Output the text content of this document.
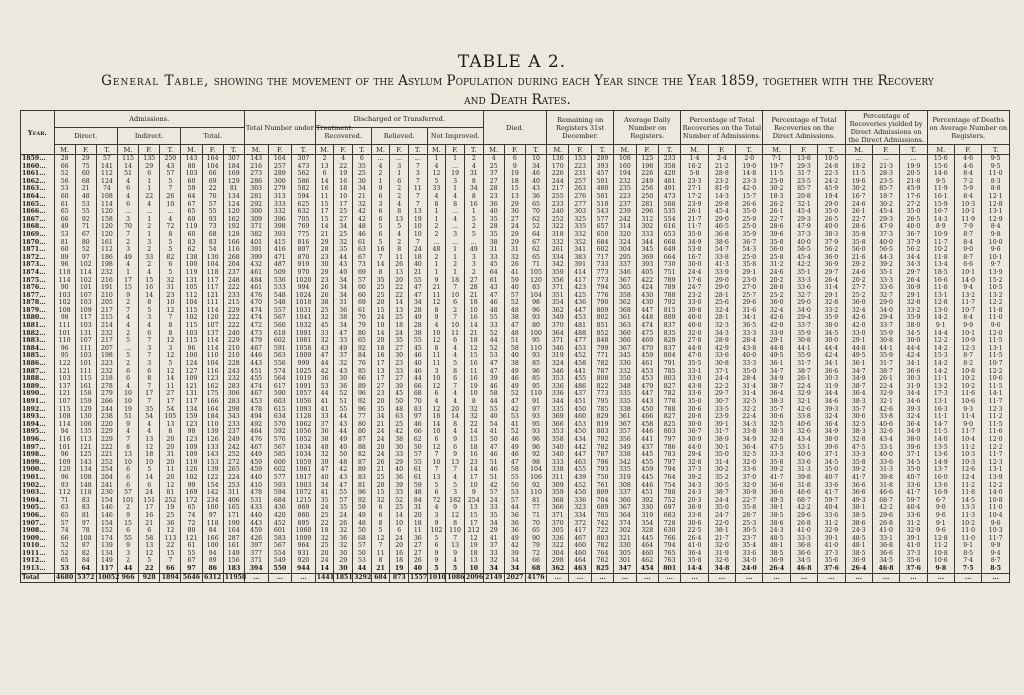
TABLE A 2.
General Table, showing the movement of the Asylum Population during each Year since the Year 1859, together with the Recovery and Death Rates.
Year.	Admissions.									Total Number under Treatment.			Discharged or Transferred.									Died.			Remaining on Registers 31st December.			Average Daily Number on Registers.			Percentage of Total Recoveries on the Total Number of Admissions.			Percentage of Total Recoveries on the Direct Admissions.			Percentage of Recoveries yielded by Direct Admissions on the Direct Admissions.			Percentage of Deaths on Average Number on Registers.		
	Direct.			Indirect.			Total.						Recovered.			Relieved.			Not Improved.																							
	M.	F.	T.	M.	F.	T.	M.	F.	T.	M.	F.	T.	M.	F.	T.	M.	F.	T.	M.	F.	T.	M.	F.	T.	M.	F.	T.	M.	F.	T.	M.	F.	T.	M.	F.	T.	M.	F.	T.	M.	F.	T.
1859...	28	29	57	115	135	250	143	164	307	143	164	307	2	4	6	...	...	...	1	1	2	4	6	10	136	153	289	108	125	233	1·4	2·4	2·0	7·1	13·8	10·5	...	...	...	15·6	4·6	9·5
1860...	66	75	141	14	29	43	80	104	184	216	257	473	13	22	35	4	3	7	4	...	4	25	9	34	170	223	393	160	198	358	16·2	21·2	19·0	19·7	29·3	24·8	18·2	21·3	19·9	15·6	4·6	9·5
1861...	52	60	112	51	6	57	103	66	169	273	289	562	6	19	25	2	1	3	12	19	31	37	19	46	226	231	457	194	226	420	5·8	28·8	14·8	11·5	31·7	22·3	11·5	28·3	20·5	14·6	8·4	11·0
1862...	56	68	124	4	1	5	60	69	129	286	300	586	14	16	30	1	6	7	5	3	8	27	18	40	244	257	501	232	249	481	23·3	23·2	23·3	25·0	23·5	24·2	19·6	23·5	21·8	9·5	7·2	8·3
1863...	53	21	74	6	1	7	59	22	81	303	279	582	16	18	34	9	2	11	33	1	34	28	15	43	217	263	480	235	256	491	27·1	81·9	42·0	30·2	85·7	45·9	30·2	85·7	45·9	11·9	5·9	8·8
1864...	60	48	108	4	22	26	64	70	134	281	313	594	11	10	21	6	2	7	4	4	8	23	13	36	255	276	501	223	250	473	17·2	14·3	15·7	18·3	20·8	19·4	16·7	18·7	17·6	16·1	8·4	12·1
1865...	61	53	114	6	4	10	67	57	124	292	333	625	15	17	32	3	4	7	8	8	16	36	29	65	233	277	510	237	281	508	23·9	29·8	26·6	26·2	32·1	29·0	24·6	30·2	27·2	15·9	10·3	12·8
1866...	65	55	120	...	...	...	65	55	120	300	332	632	17	25	42	6	8	13	1	...	1	40	30	70	240	303	543	239	296	535	26·1	45·4	35·0	26·1	45·4	35·0	26·1	45·4	35·0	16·7	10·1	13·1
1867...	66	92	158	3	1	4	69	93	162	309	396	705	15	27	42	6	13	19	1	4	5	35	27	62	252	325	577	242	312	554	21·7	29·0	25·9	22·7	29·3	26·5	22·7	29·3	26·5	14·3	11·9	12·9
1868...	49	71	120	70	2	72	119	73	192	371	398	769	14	34	48	5	5	10	2	...	2	28	24	52	322	335	657	314	302	616	11·7	46·5	25·0	28·6	47·9	40·0	28·6	47·9	40·0	8·9	7·9	8·4
1869...	53	67	120	7	1	8	60	68	128	382	393	775	21	25	46	6	4	10	2	3	5	35	29	64	318	332	650	320	333	653	35·0	36·8	35·9	39·6	37·3	38·3	35·8	37·3	36·7	10·9	8·7	9·8
1870...	81	80	161	2	3	5	83	83	166	401	415	816	29	32	61	5	2	7	...	...	...	38	29	67	332	352	684	324	344	668	34·9	38·6	36·7	35·8	40·0	37·9	35·8	40·0	37·9	11·7	8·4	10·0
1871...	60	52	112	3	2	5	62	54	116	391	416	807	28	35	63	16	8	24	48	1	49	31	31	62	261	341	602	304	345	649	53·8	54·7	54·3	56·0	56·5	56·2	56·0	56·5	56·2	10·2	9·0	9·6
1872...	89	97	186	49	33	82	138	130	268	399	471	870	23	44	67	7	11	18	2	1	3	33	32	65	334	383	717	295	369	664	16·7	33·8	25·0	25·8	45·4	36·0	21·6	44·3	34·4	11·8	8·7	10·1
1873...	96	102	198	4	2	6	100	104	204	432	487	919	30	43	73	14	26	40	1	2	3	45	26	71	342	391	733	337	393	730	30·0	41·3	35·8	31·2	42·2	36·9	29·2	39·2	34·3	13·4	6·6	9·7
1874...	118	114	232	1	4	5	119	118	237	461	509	970	29	40	69	8	13	21	1	1	2	64	41	105	359	414	773	346	405	751	24·4	33·9	29·1	24·6	35·1	29·7	24·6	35·1	29·7	18·5	10·1	13·9
1875...	114	102	216	17	15	32	131	117	248	484	536	1020	23	34	57	35	20	55	9	18	27	61	59	120	356	417	773	367	422	789	17·6	29·0	23·0	20·2	33·3	26·4	20·2	33·3	26·4	16·6	14·0	15·2
1876...	90	101	191	15	16	31	105	117	222	461	533	994	26	34	60	25	22	47	21	7	28	43	40	83	371	423	794	365	424	789	24·7	29·0	27·0	28·8	33·6	31·4	27·7	33·6	30·9	11·8	9·4	10·5
1877...	103	107	210	9	14	23	112	121	233	476	548	1024	26	34	60	25	22	47	11	10	21	47	57	104	351	425	776	358	430	788	23·2	28·1	25·7	25·2	32·7	29·1	25·2	32·7	29·1	13·1	13·2	13·2
1878...	102	103	205	2	8	10	104	111	215	470	548	1018	38	31	69	20	14	34	12	6	18	46	52	98	354	436	790	362	430	792	33·0	25·6	29·6	36·0	29·0	32·8	36·0	29·0	32·8	12·8	11·7	12·2
1879...	108	109	217	7	5	12	115	114	229	474	557	1031	25	36	61	15	13	28	8	2	10	48	48	96	362	447	809	368	447	815	30·8	32·4	31·6	32·4	34·0	33·2	32·4	34·0	33·2	13·0	10·7	11·8
1880...	98	117	215	4	3	7	102	120	222	474	567	1041	32	38	70	24	25	49	9	7	16	55	38	93	349	453	802	361	448	809	40·0	28·1	34·1	42·6	29·4	35·9	42·6	29·4	35·9	14·2	8·4	11·0
1881...	111	103	214	4	4	8	115	107	222	472	560	1032	45	34	79	10	18	28	4	10	14	33	47	80	370	481	851	363	474	837	40·0	32·3	36·5	42·0	33·7	38·0	42·0	33·7	38·0	9·1	9·9	9·6
1882...	101	131	232	2	6	8	103	137	240	473	618	1091	33	47	80	14	24	38	10	11	21	52	48	100	364	488	852	360	475	835	32·0	34·3	33·3	33·0	35·9	34·5	33·0	35·9	34·5	14·4	10·1	12·0
1883...	110	107	217	5	7	12	115	114	229	479	602	1081	32	33	65	20	35	55	12	6	18	44	51	95	371	477	848	360	469	829	27·8	28·9	28·4	29·1	30·8	30·0	29·1	30·8	30·0	12·2	10·9	11·5
1884...	96	111	207	...	3	3	96	114	210	467	591	1058	43	49	92	18	27	45	8	4	12	52	58	110	346	453	799	367	470	837	44·8	42·9	43·8	44·8	44·1	44·4	44·8	44·1	44·4	14·2	12·3	13·1
1885...	95	103	198	5	7	12	100	110	210	446	563	1009	47	37	84	16	30	46	11	4	15	53	40	93	319	452	771	345	459	804	47·0	33·6	40·0	49·5	35·9	42·4	49·5	35·9	42·4	15·3	8·7	11·5
1886...	122	101	223	2	3	5	124	104	228	443	556	999	44	32	76	17	23	40	11	5	16	47	38	85	324	458	782	330	461	791	35·5	30·8	33·3	36·1	31·7	34·1	36·1	31·7	34·1	14·2	8·2	10·7
1887...	121	111	232	6	6	12	127	116	243	451	574	1025	42	43	85	13	33	46	3	8	11	47	49	96	346	441	787	332	453	785	33·1	37·1	35·0	34·7	38·7	36·6	34·7	38·7	36·6	14·2	10·8	12·2
1888...	103	115	218	6	8	14	109	123	232	455	564	1019	36	30	66	17	27	44	10	6	16	39	46	85	353	455	808	350	453	803	33·0	24·4	28·4	34·9	26·1	30·3	34·9	26·1	30·3	11·1	10·2	10·6
1889...	137	161	278	4	7	11	121	162	283	474	617	1091	53	36	89	27	39	66	12	7	19	46	49	95	336	486	822	348	479	827	43·8	22·2	31·4	38·7	22·4	31·9	38·7	22·4	31·9	13·2	10·2	11·5
1890...	121	158	279	10	17	27	131	175	306	467	590	1057	44	52	96	23	45	68	6	4	10	58	52	110	336	437	773	335	447	782	33·6	29·7	31·4	36·4	32·9	34·4	36·4	32·9	34·4	17·3	11·6	14·1
1891...	107	159	266	10	7	17	117	166	283	453	603	1056	41	51	92	20	50	70	4	4	8	44	47	91	344	451	795	335	443	778	35·0	30·7	32·5	38·3	32·1	34·6	38·3	32·1	34·6	13·1	10·6	11·7
1892...	115	129	244	19	35	54	134	164	298	478	615	1093	41	55	96	35	48	83	12	20	32	55	42	97	335	450	785	338	450	788	30·6	33·5	32·2	35·7	42·6	39·3	35·7	42·6	39·3	16·3	9·3	12·3
1893...	108	130	238	51	54	105	159	184	343	494	634	1128	33	44	77	34	63	97	18	14	32	40	53	93	369	460	829	361	466	827	20·8	23·9	22·4	30·6	33·8	32·4	30·6	33·8	32·4	11·1	11·4	11·2
1894...	114	106	220	9	4	13	123	110	233	492	570	1062	37	43	80	21	25	46	14	8	22	54	41	95	366	453	819	367	458	825	30·0	39·1	34·3	32·5	40·6	36·4	32·5	40·6	36·4	14·7	9·0	11·5
1895...	94	135	229	4	4	8	98	139	237	464	592	1056	36	44	80	24	42	66	10	4	14	41	52	93	353	450	803	357	446	803	36·7	31·7	33·8	38·3	32·6	34·9	38·3	32·6	34·9	11·5	11·7	11·6
1896...	116	113	229	7	13	20	123	126	249	476	576	1052	38	49	87	24	38	62	6	9	15	50	46	96	358	434	792	356	441	797	30·9	38·9	34·9	32·8	43·4	38·0	32·8	43·4	38·0	14·0	10·4	12·0
1897...	101	121	222	8	12	20	109	133	242	467	567	1034	48	40	88	20	30	50	12	6	18	47	49	96	340	442	782	349	437	786	44·0	30·1	36·4	47·5	33·1	39·6	47·5	33·1	39·6	13·5	11·2	12·2
1898...	96	125	221	13	18	31	109	143	252	449	585	1034	32	50	82	24	33	57	7	9	16	46	46	92	340	447	787	338	445	783	29·4	35·0	32·5	33·3	40·0	37·1	33·3	40·0	37·1	13·6	10·3	11·7
1899...	109	143	252	10	10	20	119	153	272	459	600	1059	39	48	87	26	29	55	10	13	23	51	47	98	333	463	796	342	455	797	32·8	31·4	32·0	35·8	33·6	34·5	35·8	33·6	34·5	14·9	10·3	12·3
1900...	120	134	254	6	5	11	126	139	265	459	602	1061	47	42	89	21	40	61	7	7	14	46	58	104	338	455	793	335	459	794	37·3	30·2	33·6	39·2	31·3	35·0	39·2	31·3	35·0	13·7	12·6	13·1
1901...	96	108	204	6	14	20	102	122	224	440	577	1017	40	43	83	25	36	61	13	4	17	51	55	106	311	439	750	319	445	764	39·2	35·2	37·0	41·7	39·8	40·7	41·7	39·8	40·7	16·0	12·4	13·9
1902...	93	148	241	6	6	12	99	154	253	410	593	1003	34	47	81	20	39	59	5	5	10	42	50	92	309	452	761	308	446	754	34·3	30·5	32·0	36·6	31·8	33·6	36·6	31·8	33·6	13·6	11·2	12·2
1903...	112	118	230	57	24	81	169	142	311	478	594	1072	41	55	96	15	33	48	6	3	9	57	53	110	359	450	809	337	451	788	24·3	38·7	30·9	36·6	46·6	41·7	36·6	46·6	41·7	16·9	11·8	14·0
1904...	71	83	154	101	151	252	172	234	406	531	684	1215	35	57	92	32	52	84	72	182	254	24	57	81	368	336	704	360	392	752	20·3	24·4	22·7	49·3	68·7	59·7	49·3	68·7	59·7	6·7	14·5	10·8
1905...	63	83	146	2	17	19	65	100	165	433	436	869	24	35	59	6	25	31	4	9	13	33	44	77	366	323	689	367	330	697	36·9	35·0	35·8	38·1	42·2	40·4	38·1	42·2	40·4	9·0	13·3	11·0
1906...	65	81	146	9	16	25	74	97	171	440	420	860	25	24	49	6	14	20	3	12	15	35	36	71	371	334	705	364	319	683	33·8	24·7	28·7	38·5	29·6	33·6	38·5	29·6	33·6	9·6	11·3	10·4
1907...	57	97	154	15	21	36	72	118	190	443	452	895	22	26	48	8	10	18	9	8	17	34	36	70	370	372	742	374	354	728	30·6	22·0	25·3	38·6	26·8	31·2	38·6	26·8	31·2	9·1	10·2	9·6
1908...	74	78	152	6	6	12	80	84	164	459	601	1060	18	32	50	5	6	11	102	110	212	29	36	65	305	417	722	302	328	630	22·5	38·1	30·5	24·3	41·0	32·9	24·3	41·0	32·9	9·6	11·0	10·3
1909...	66	108	174	55	58	113	121	166	287	426	583	1009	32	36	68	12	24	36	5	7	12	41	49	90	336	467	803	321	445	766	26·4	21·7	23·7	48·5	33·3	39·1	48·5	33·1	39·1	12·8	11·0	11·7
1910...	52	87	139	9	13	22	61	100	161	397	567	964	25	32	57	7	20	27	6	13	19	37	42	79	322	460	782	330	464	794	41·0	32·0	35·4	48·1	36·8	41·0	48·1	36·8	41·0	11·2	9·1	9·9
1911...	52	82	134	3	12	15	55	94	149	377	554	931	20	30	50	11	16	27	9	9	18	33	39	72	304	460	764	305	460	765	36·4	31·9	33·6	38·5	36·6	37·3	38·5	36·6	37·3	10·8	8·5	9·4
1912...	65	84	149	2	5	7	67	89	156	371	549	920	24	29	53	8	18	26	9	4	13	32	34	66	298	464	762	301	462	763	35·8	32·6	34·0	36·9	34·5	35·6	36·9	34·5	35·6	10·6	7·4	8·7
1913...	53	64	117	44	22	66	97	86	183	394	550	944	14	30	44	21	19	40	5	5	10	34	34	68	362	463	825	347	454	801	14·4	34·8	24·0	26·4	46·8	37·6	26·4	46·8	37·6	9·8	7·5	8·5
Total	4680	5372	10052	966	928	1894	5646	6312	11958	...	...	...	1441	1851	3292	684	873	1557	1010	1086	2096	2149	2027	4176	...	...	...	...	...	...	...	...	...	...	...	...	...	...	...	...	...	...
